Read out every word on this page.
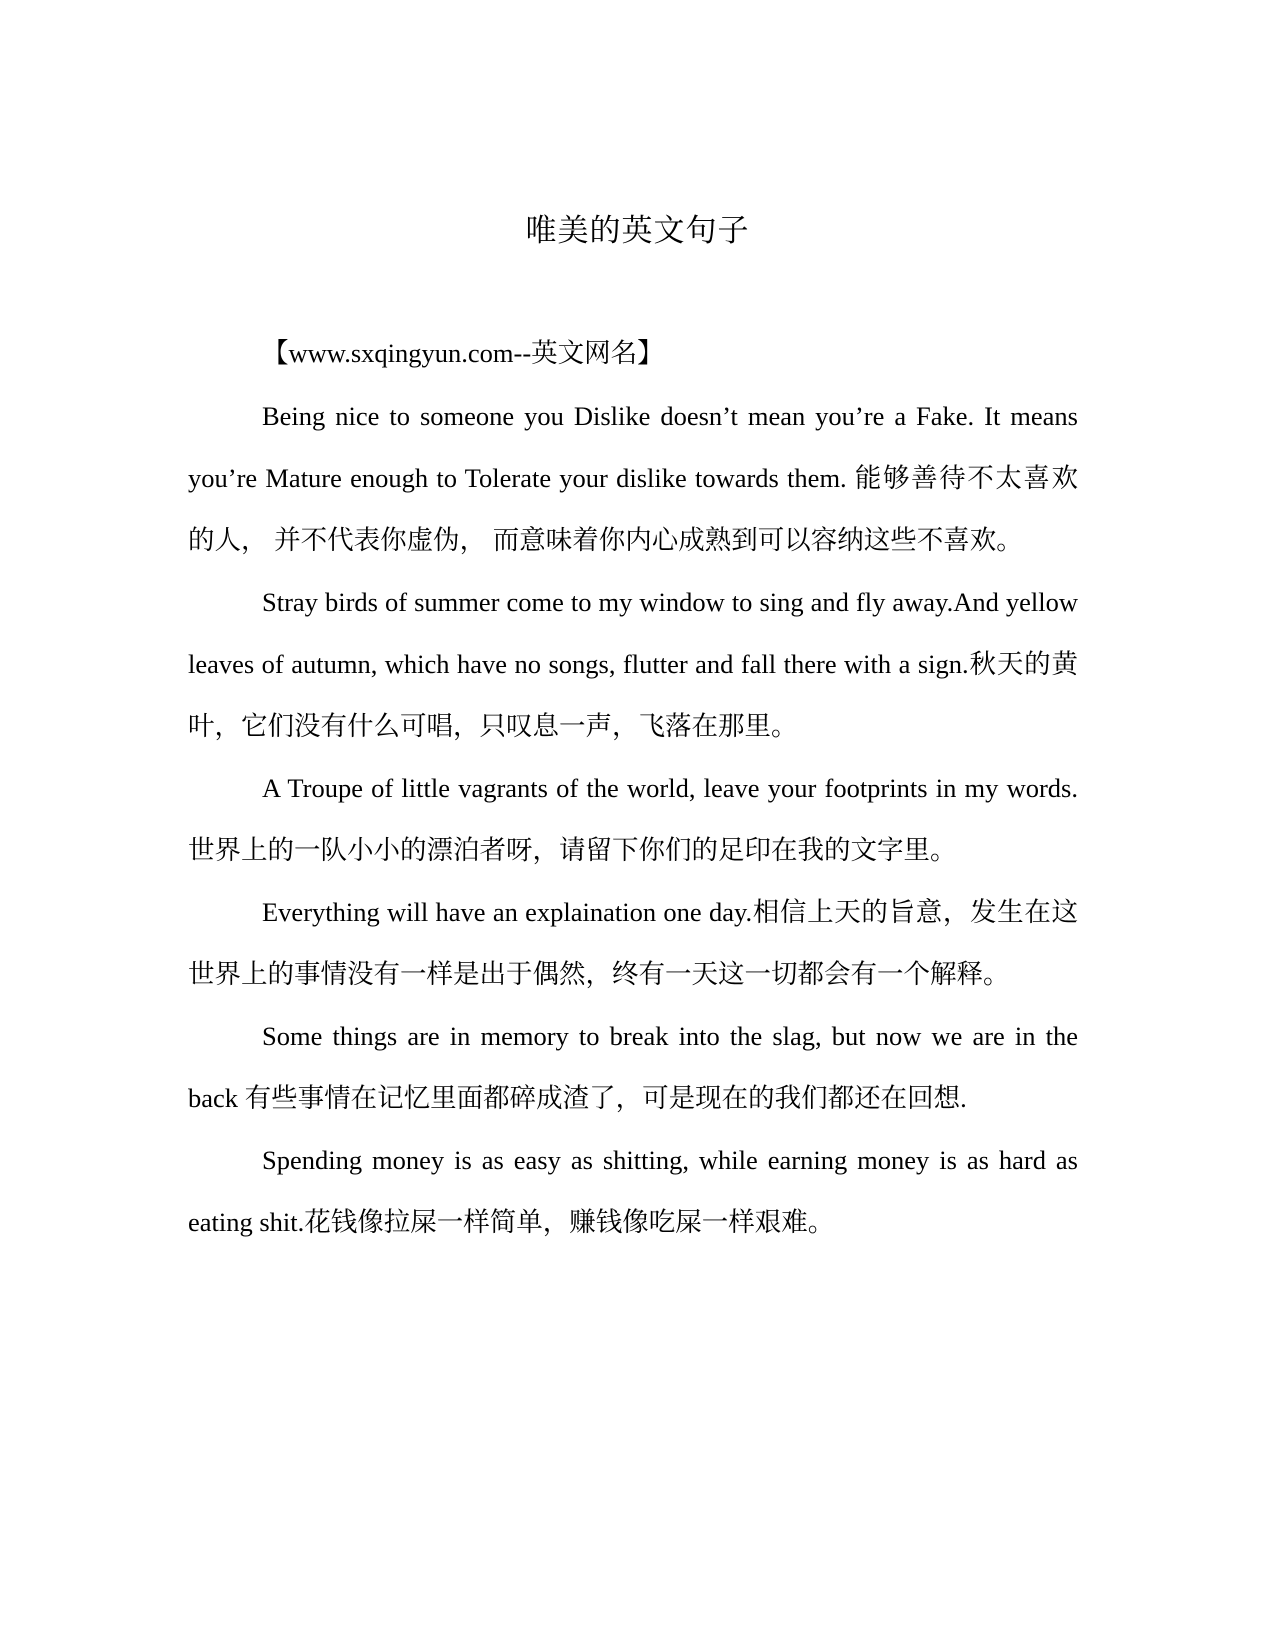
唯美的英文句子

【www.sxqingyun.com--英文网名】

Being nice to someone you Dislike doesn’t mean you’re a Fake. It means you’re Mature enough to Tolerate your dislike towards them. 能够善待不太喜欢的人， 并不代表你虚伪， 而意味着你内心成熟到可以容纳这些不喜欢。

Stray birds of summer come to my window to sing and fly away.And yellow leaves of autumn, which have no songs, flutter and fall there with a sign.秋天的黄叶，它们没有什么可唱，只叹息一声，飞落在那里。

A Troupe of little vagrants of the world, leave your footprints in my words.世界上的一队小小的漂泊者呀，请留下你们的足印在我的文字里。

Everything will have an explaination one day.相信上天的旨意，发生在这世界上的事情没有一样是出于偶然，终有一天这一切都会有一个解释。

Some things are in memory to break into the slag, but now we are in the back 有些事情在记忆里面都碎成渣了，可是现在的我们都还在回想.

Spending money is as easy as shitting, while earning money is as hard as eating shit.花钱像拉屎一样简单，赚钱像吃屎一样艰难。
